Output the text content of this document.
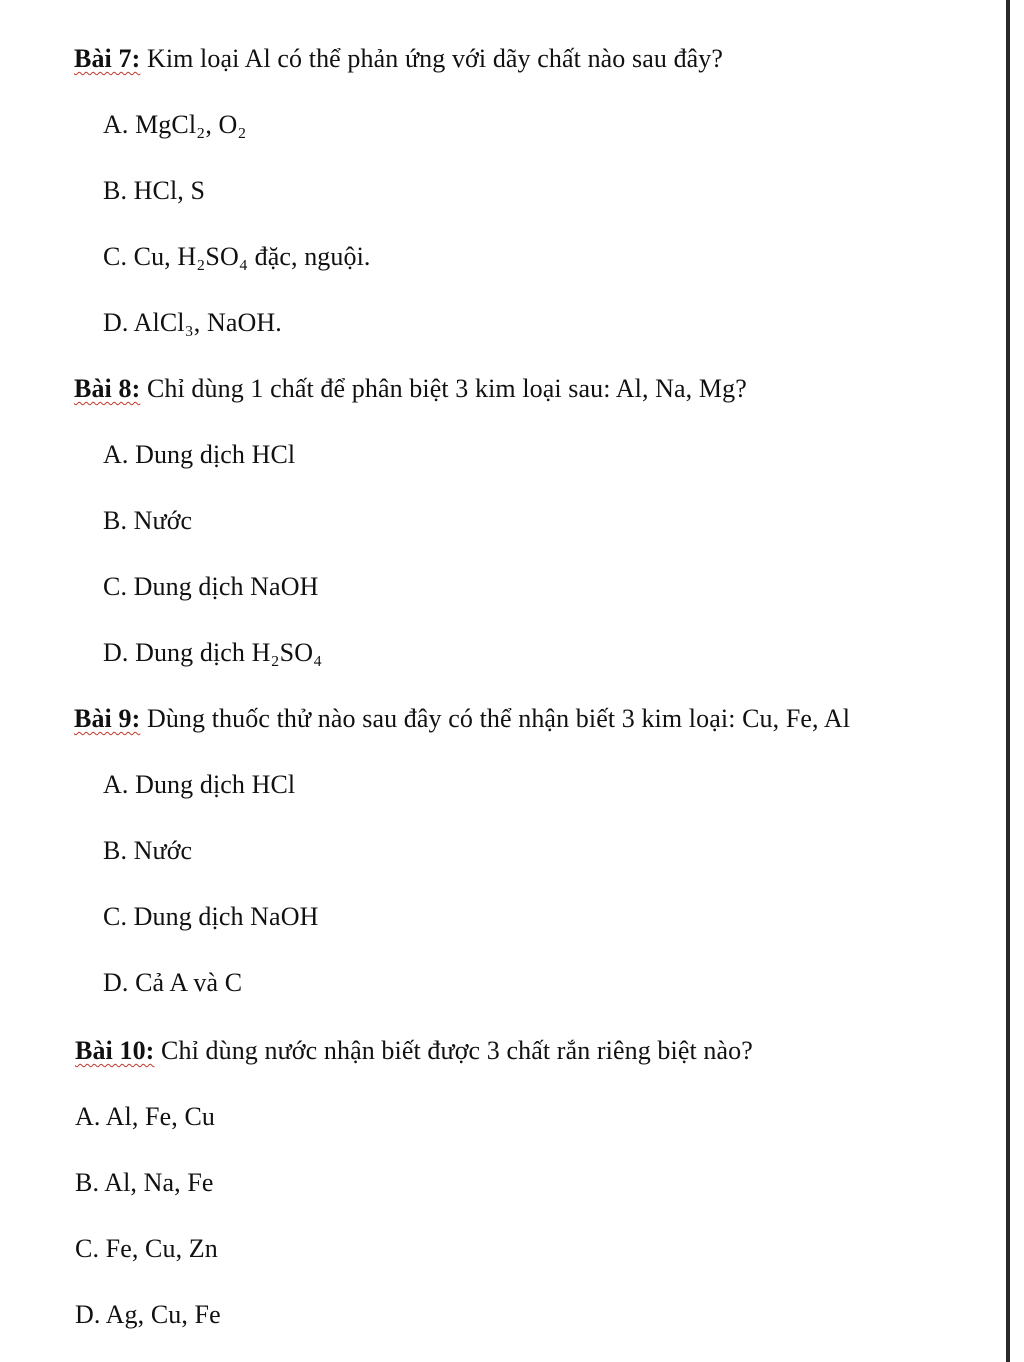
Bài 7: Kim loại Al có thể phản ứng với dãy chất nào sau đây?
A. MgCl₂, O₂
B. HCl, S
C. Cu, H₂SO₄ đặc, nguội.
D. AlCl₃, NaOH.
Bài 8: Chỉ dùng 1 chất để phân biệt 3 kim loại sau: Al, Na, Mg?
A. Dung dịch HCl
B. Nước
C. Dung dịch NaOH
D. Dung dịch H₂SO₄
Bài 9: Dùng thuốc thử nào sau đây có thể nhận biết 3 kim loại: Cu, Fe, Al
A. Dung dịch HCl
B. Nước
C. Dung dịch NaOH
D. Cả A và C
Bài 10: Chỉ dùng nước nhận biết được 3 chất rắn riêng biệt nào?
A. Al, Fe, Cu
B. Al, Na, Fe
C. Fe, Cu, Zn
D. Ag, Cu, Fe
